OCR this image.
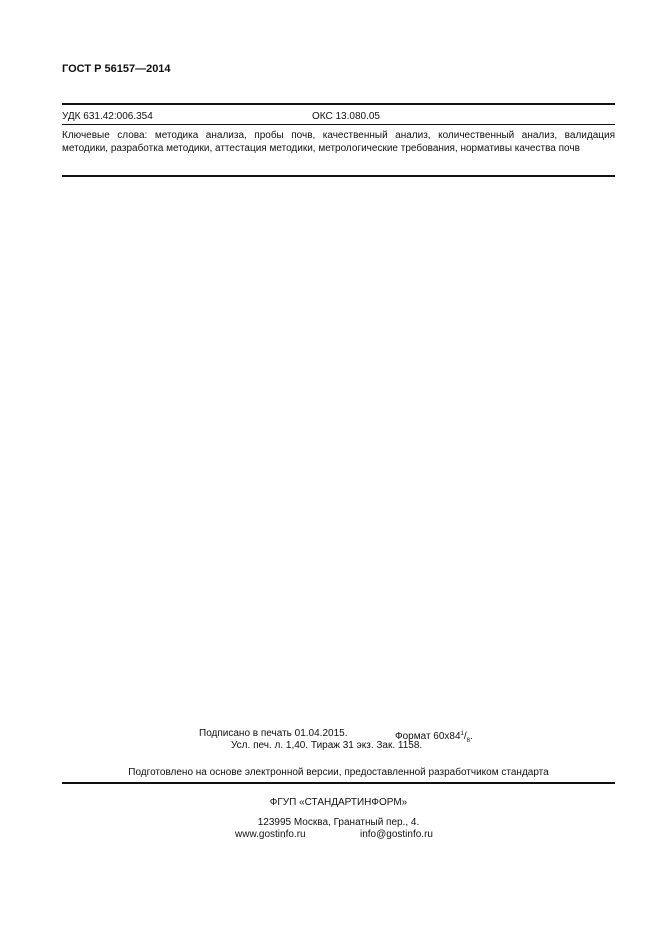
ГОСТ Р 56157—2014
УДК 631.42:006.354	ОКС 13.080.05
Ключевые слова: методика анализа, пробы почв, качественный анализ, количественный анализ, валидация методики, разработка методики, аттестация методики, метрологические требования, нормативы качества почв
Подписано в печать 01.04.2015.	Формат $60х84^1/_8$.
Усл. печ. л. 1,40. Тираж 31 экз. Зак. 1158.
Подготовлено на основе электронной версии, предоставленной разработчиком стандарта
ФГУП «СТАНДАРТИНФОРМ»
123995 Москва, Гранатный пер., 4.
www.gostinfo.ru	info@gostinfo.ru
